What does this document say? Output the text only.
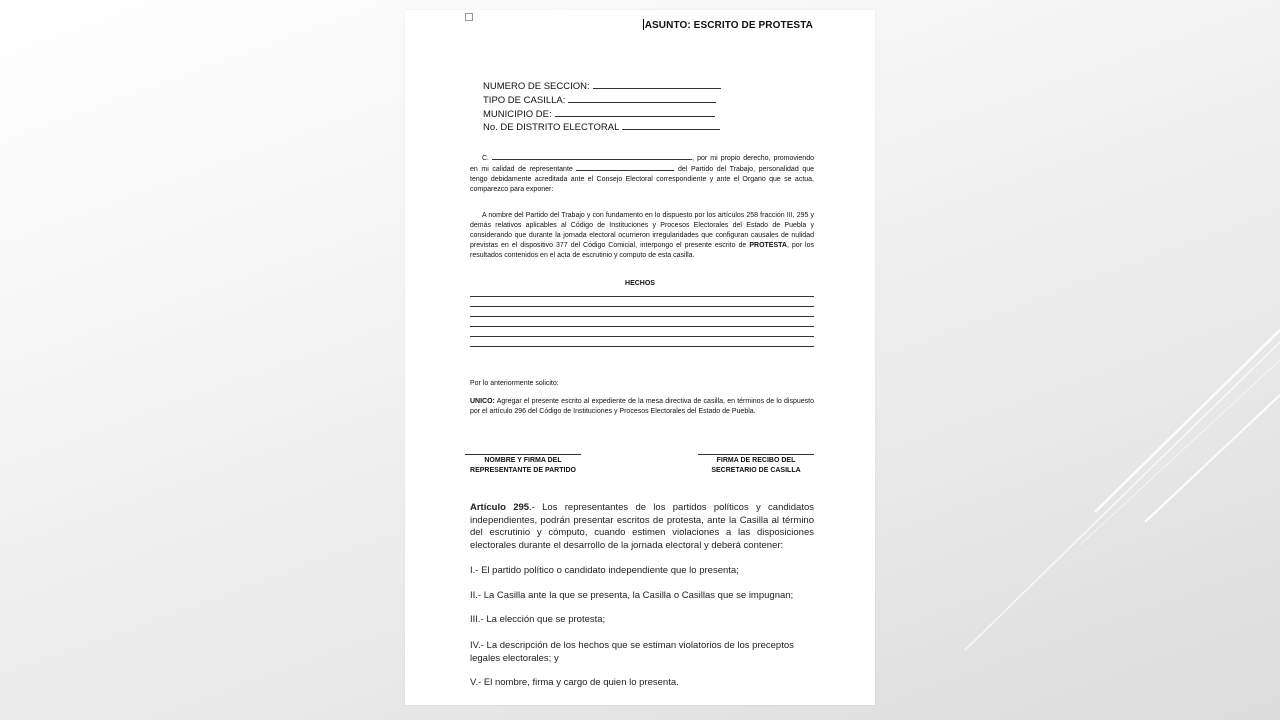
ASUNTO: ESCRITO DE PROTESTA
NUMERO DE SECCION:
TIPO DE CASILLA:
MUNICIPIO DE:
No. DE DISTRITO ELECTORAL
C.	, por mi propio derecho, promoviendo en mi calidad de representante	del Partido del Trabajo, personalidad que tengo debidamente acreditada ante el Consejo Electoral correspondiente y ante el Organo que se actua, comparezco para exponer:
A nombre del Partido del Trabajo y con fundamento en lo dispuesto por los artículos 258 fracción III, 295 y demás relativos aplicables al Código de Instituciones y Procesos Electorales del Estado de Puebla y considerando que durante la jornada electoral ocurrieron irregularidades que configuran causales de nulidad previstas en el dispositivo 377 del Código Comicial, interpongo el presente escrito de PROTESTA, por los resultados contenidos en el acta de escrutinio y computo de esta casilla.
HECHOS
Por lo anteriormente solicito:
UNICO: Agregar el presente escrito al expediente de la mesa directiva de casilla, en términos de lo dispuesto por el artículo 296 del Código de Instituciones y Procesos Electorales del Estado de Puebla.
NOMBRE Y FIRMA DEL
REPRESENTANTE DE PARTIDO
FIRMA DE RECIBO DEL
SECRETARIO DE CASILLA
Artículo 295.- Los representantes de los partidos políticos y candidatos independientes, podrán presentar escritos de protesta, ante la Casilla al término del escrutinio y cómputo, cuando estimen violaciones a las disposiciones electorales durante el desarrollo de la jornada electoral y deberá contener:
I.- El partido político o candidato independiente que lo presenta;
II.- La Casilla ante la que se presenta, la Casilla o Casillas que se impugnan;
III.- La elección que se protesta;
IV.- La descripción de los hechos que se estiman violatorios de los preceptos legales electorales; y
V.- El nombre, firma y cargo de quien lo presenta.
